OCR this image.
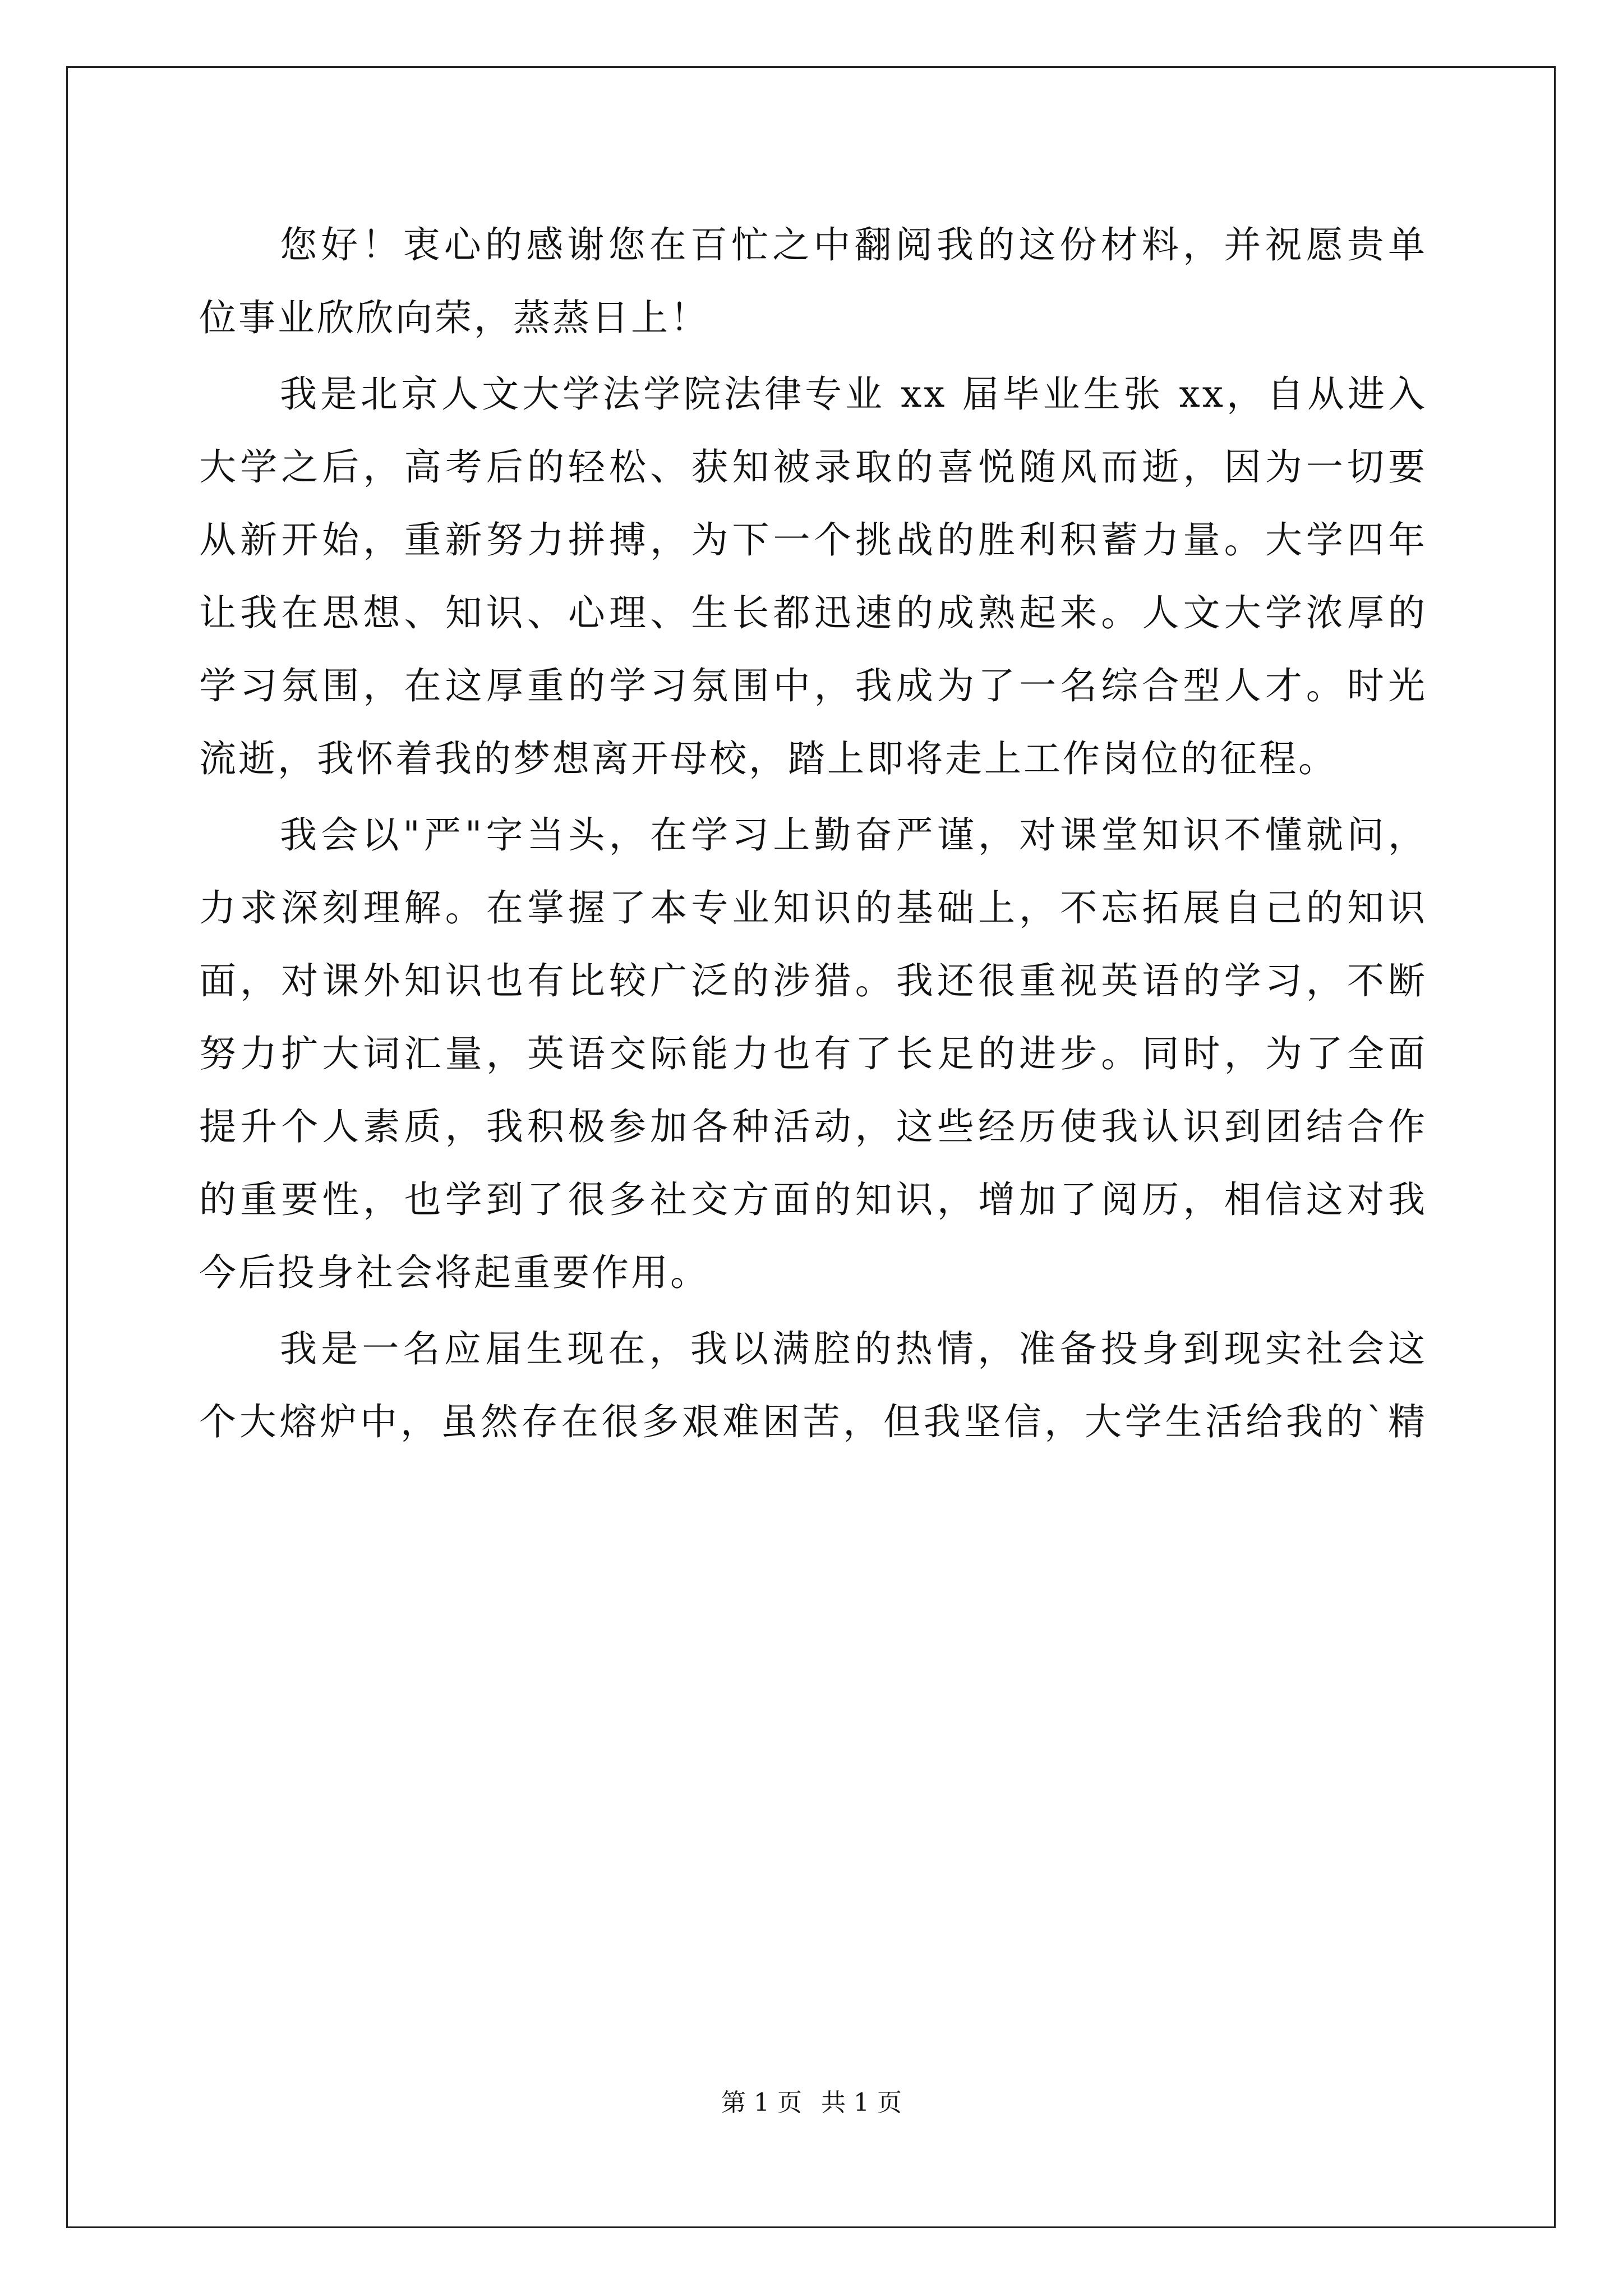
您好！衷心的感谢您在百忙之中翻阅我的这份材料，并祝愿贵单
位事业欣欣向荣，蒸蒸日上！

我是北京人文大学法学院法律专业 xx 届毕业生张 xx，自从进入
大学之后，高考后的轻松、获知被录取的喜悦随风而逝，因为一切要
从新开始，重新努力拼搏，为下一个挑战的胜利积蓄力量。大学四年
让我在思想、知识、心理、生长都迅速的成熟起来。人文大学浓厚的
学习氛围，在这厚重的学习氛围中，我成为了一名综合型人才。时光
流逝，我怀着我的梦想离开母校，踏上即将走上工作岗位的征程。

我会以"严"字当头，在学习上勤奋严谨，对课堂知识不懂就问，
力求深刻理解。在掌握了本专业知识的基础上，不忘拓展自己的知识
面，对课外知识也有比较广泛的涉猎。我还很重视英语的学习，不断
努力扩大词汇量，英语交际能力也有了长足的进步。同时，为了全面
提升个人素质，我积极参加各种活动，这些经历使我认识到团结合作
的重要性，也学到了很多社交方面的知识，增加了阅历，相信这对我
今后投身社会将起重要作用。

我是一名应届生现在，我以满腔的热情，准备投身到现实社会这
个大熔炉中，虽然存在很多艰难困苦，但我坚信，大学生活给我的`精

第 1 页 共 1 页
